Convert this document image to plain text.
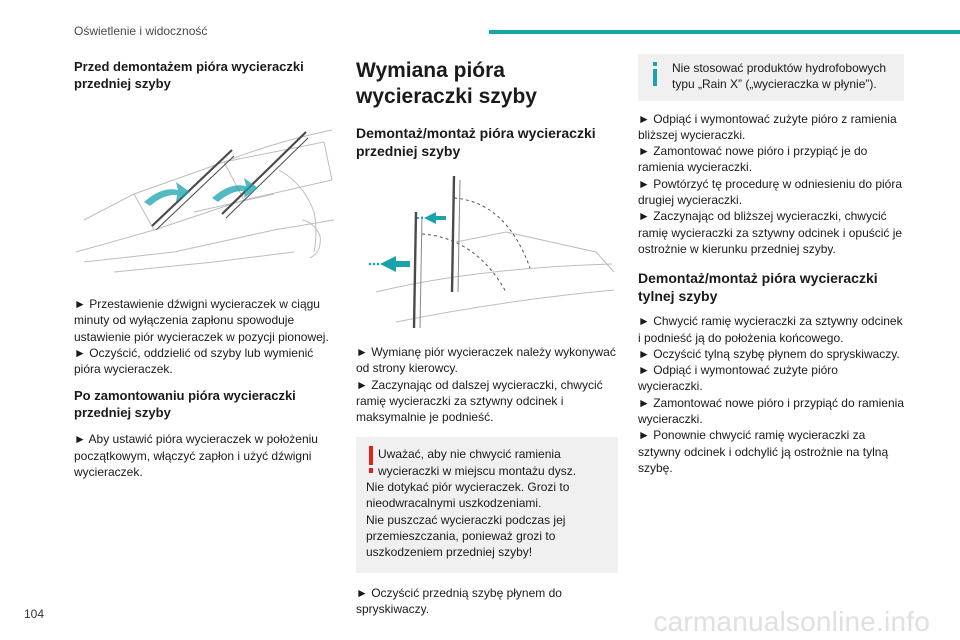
Oświetlenie i widoczność

Przed demontażem pióra wycieraczki przedniej szyby

► Przestawienie dźwigni wycieraczek w ciągu minuty od wyłączenia zapłonu spowoduje ustawienie piór wycieraczek w pozycji pionowej.

► Oczyścić, oddzielić od szyby lub wymienić pióra wycieraczek.

Po zamontowaniu pióra wycieraczki przedniej szyby

► Aby ustawić pióra wycieraczek w położeniu początkowym, włączyć zapłon i użyć dźwigni wycieraczek.

Wymiana pióra wycieraczki szyby

Demontaż/montaż pióra wycieraczki przedniej szyby

► Wymianę piór wycieraczek należy wykonywać od strony kierowcy.

► Zaczynając od dalszej wycieraczki, chwycić ramię wycieraczki za sztywny odcinek i maksymalnie je podnieść.

Uważać, aby nie chwycić ramienia wycieraczki w miejscu montażu dysz.
Nie dotykać piór wycieraczek. Grozi to nieodwracalnymi uszkodzeniami.
Nie puszczać wycieraczki podczas jej przemieszczania, ponieważ grozi to uszkodzeniem przedniej szyby!

► Oczyścić przednią szybę płynem do spryskiwaczy.

Nie stosować produktów hydrofobowych typu „Rain X” („wycieraczka w płynie”).

► Odpiąć i wymontować zużyte pióro z ramienia bliższej wycieraczki.

► Zamontować nowe pióro i przypiąć je do ramienia wycieraczki.

► Powtórzyć tę procedurę w odniesieniu do pióra drugiej wycieraczki.

► Zaczynając od bliższej wycieraczki, chwycić ramię wycieraczki za sztywny odcinek i opuścić je ostrożnie w kierunku przedniej szyby.

Demontaż/montaż pióra wycieraczki tylnej szyby

► Chwycić ramię wycieraczki za sztywny odcinek i podnieść ją do położenia końcowego.

► Oczyścić tylną szybę płynem do spryskiwaczy.

► Odpiąć i wymontować zużyte pióro wycieraczki.

► Zamontować nowe pióro i przypiąć do ramienia wycieraczki.

► Ponownie chwycić ramię wycieraczki za sztywny odcinek i odchylić ją ostrożnie na tylną szybę.

104	carmanualsonline.info
